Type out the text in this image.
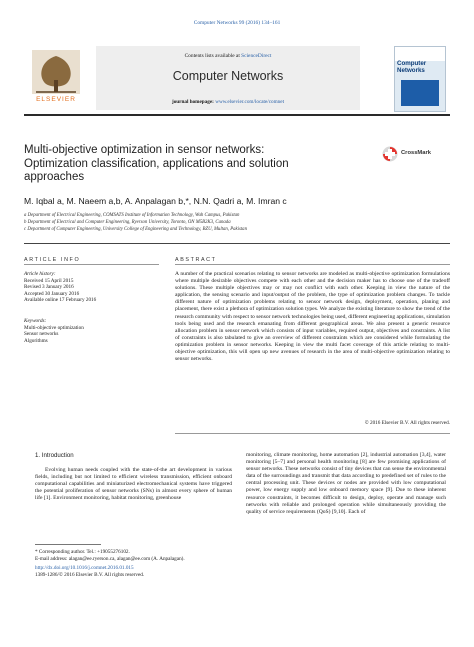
Computer Networks 99 (2016) 134–161
ELSEVIER
Contents lists available at ScienceDirect
Computer Networks
journal homepage: www.elsevier.com/locate/comnet
Computer
Networks
Multi-objective optimization in sensor networks:
Optimization classification, applications and solution
approaches
CrossMark
M. Iqbal a, M. Naeem a,b, A. Anpalagan b,*, N.N. Qadri a, M. Imran c
a Department of Electrical Engineering, COMSATS Institute of Information Technology, Wah Campus, Pakistan
b Department of Electrical and Computer Engineering, Ryerson University, Toronto, ON M5B2K3, Canada
c Department of Computer Engineering, University College of Engineering and Technology, BZU, Multan, Pakistan
ARTICLE INFO	ABSTRACT
Article history:
Received 15 April 2015
Revised 3 January 2016
Accepted 30 January 2016
Available online 17 February 2016
Keywords:
Multi-objective optimization
Sensor networks
Algorithms
A number of the practical scenarios relating to sensor networks are modeled as multi-objective optimization formulations where multiple desirable objectives compete with each other and the decision maker has to choose one of the tradeoff solutions. These multiple objectives may or may not conflict with each other. Keeping in view the nature of the application, the sensing scenario and input/output of the problem, the type of optimization problem changes. To tackle different nature of optimization problems relating to sensor network design, deployment, operation, planing and placement, there exist a plethora of optimization solution types. We analyze the existing literature to show the trend of the research community with respect to sensor network technologies being used, different engineering applications, simulation tools being used and the research emanating from different geographical areas. We also present a generic resource allocation problem in sensor network which consists of input variables, required output, objectives and constraints. A list of constraints is also tabulated to give an overview of different constraints which are considered while formulating the optimization problem in sensor networks. Keeping in view the multi facet coverage of this article relating to multi-objective optimization, this will open up new avenues of research in the area of multi-objective optimization relating to sensor networks.
© 2016 Elsevier B.V. All rights reserved.
1. Introduction
Evolving human needs coupled with the state-of-the art development in various fields, including but not limited to efficient wireless transmission, efficient onboard computational capabilities and miniaturized electromechanical systems have triggered the potential proliferation of sensor networks (SNs) in almost every sphere of human life [1]. Environment monitoring, habitat monitoring, greenhouse
monitoring, climate monitoring, home automation [2], industrial automation [3,4], water monitoring [5–7] and personal health monitoring [8] are few promising applications of sensor networks. These networks consist of tiny devices that can sense the environmental data of the surroundings and transmit that data according to predefined set of rules to the central processing unit. These devices or nodes are provided with low computational power, low energy supply and low onboard memory space [9]. Due to these inherent resource constraints, it becomes difficult to design, deploy, operate and manage such networks with reliable and prolonged operation while simultaneously providing the quality of service requirements (QoS) [9,10]. Each of
* Corresponding author. Tel.: +19055276102.
E-mail address: alagan@ee.ryerson.ca, alagan@ee.com (A. Anpalagan).
http://dx.doi.org/10.1016/j.comnet.2016.01.015
1389-1286/© 2016 Elsevier B.V. All rights reserved.
